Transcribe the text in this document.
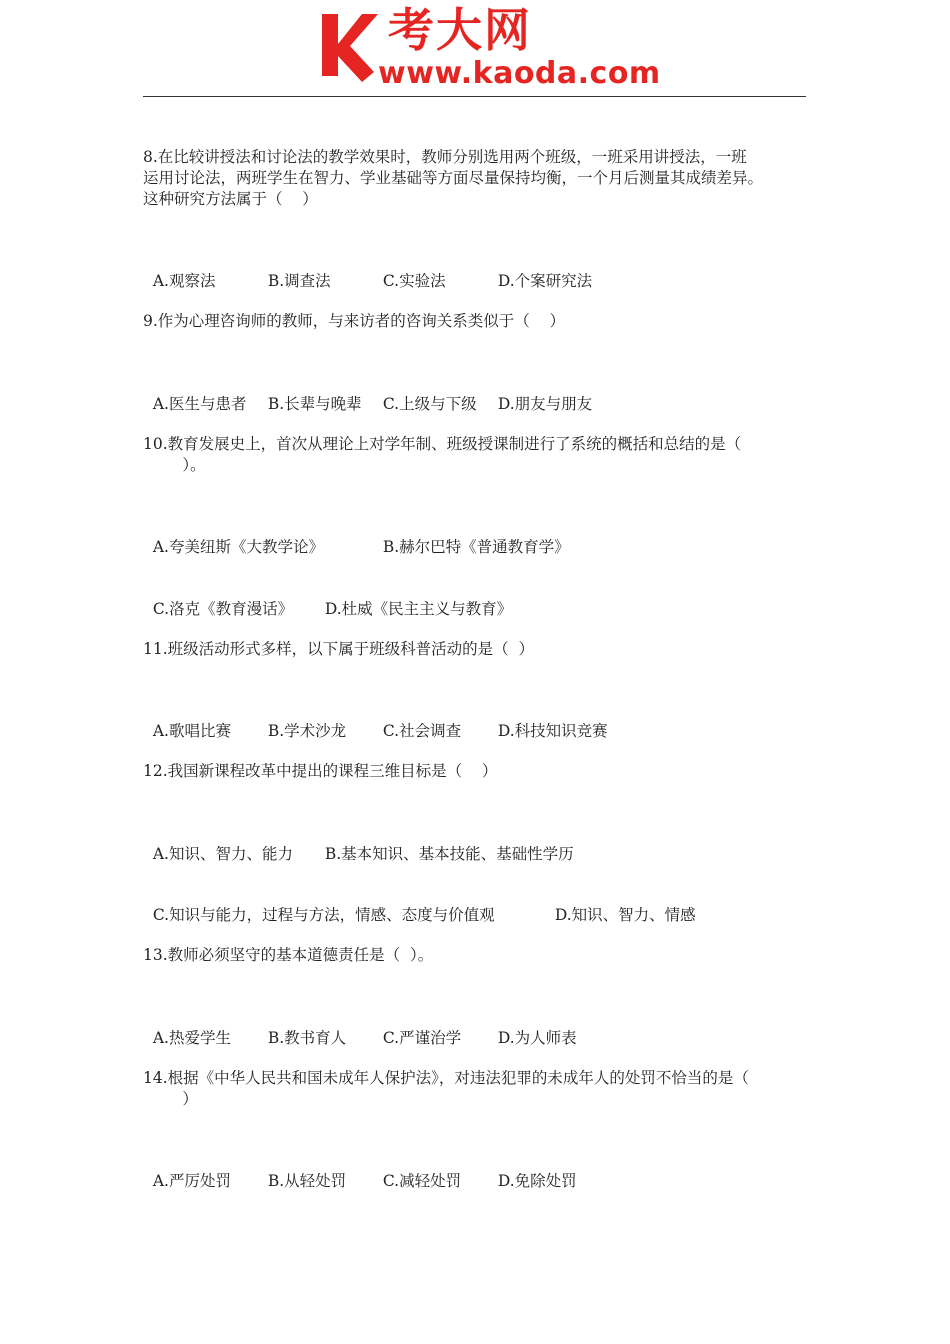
考大网
www.kaoda.com
8.在比较讲授法和讨论法的教学效果时，教师分别选用两个班级，一班采用讲授法，一班
运用讨论法，两班学生在智力、学业基础等方面尽量保持均衡，一个月后测量其成绩差异。
这种研究方法属于（    ）

A.观察法	B.调查法	C.实验法	D.个案研究法

9.作为心理咨询师的教师，与来访者的咨询关系类似于（    ）

A.医生与患者 B.长辈与晚辈 C.上级与下级 D.朋友与朋友

10.教育发展史上，首次从理论上对学年制、班级授课制进行了系统的概括和总结的是（
）。

A.夸美纽斯《大教学论》	B.赫尔巴特《普通教育学》

C.洛克《教育漫话》 D.杜威《民主主义与教育》

11.班级活动形式多样，以下属于班级科普活动的是（  ）

A.歌唱比赛 B.学术沙龙 C.社会调查 D.科技知识竞赛

12.我国新课程改革中提出的课程三维目标是（    ）

A.知识、智力、能力 B.基本知识、基本技能、基础性学历

C.知识与能力，过程与方法，情感、态度与价值观	D.知识、智力、情感

13.教师必须坚守的基本道德责任是（  ）。

A.热爱学生 B.教书育人 C.严谨治学 D.为人师表

14.根据《中华人民共和国未成年人保护法》，对违法犯罪的未成年人的处罚不恰当的是（
）

A.严厉处罚 B.从轻处罚 C.减轻处罚 D.免除处罚
